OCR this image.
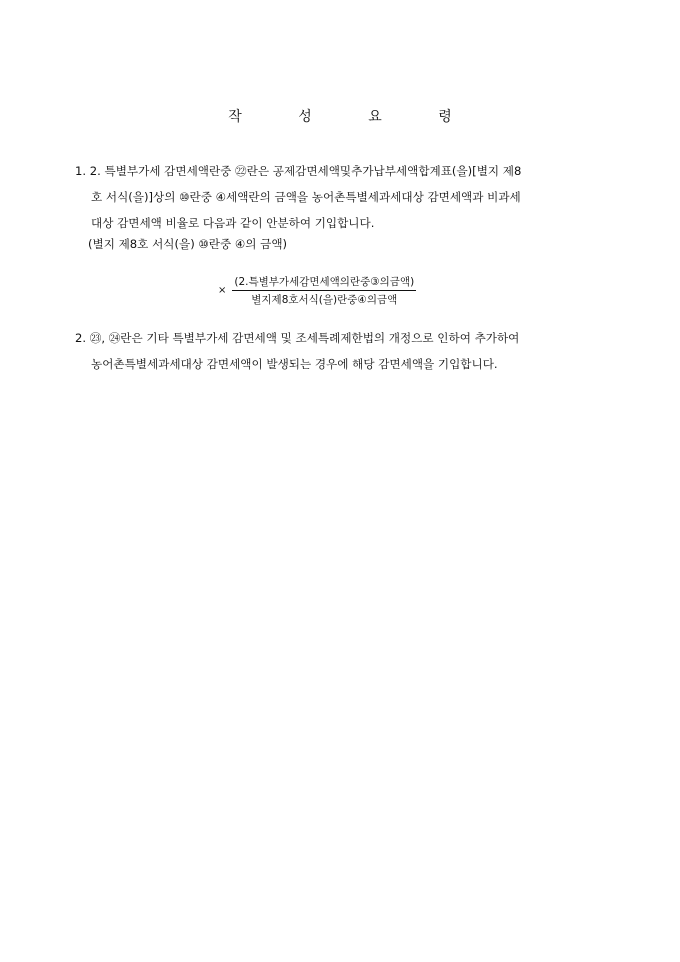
작 성 요 령
1. 2. 특별부가세 감면세액란중 ㉒란은 공제감면세액및추가납부세액합계표(을)[별지 제8
호 서식(을)]상의 ⑩란중 ④세액란의 금액을 농어촌특별세과세대상 감면세액과 비과세
대상 감면세액 비율로 다음과 같이 안분하여 기입합니다.
(별지 제8호 서식(을) ⑩란중 ④의 금액)
× $\frac{\text{(2.특별부가세감면세액의란중③의금액)}}{\text{별지제8호서식(을)란중④의금액}}$
2. ㉓, ㉔란은 기타 특별부가세 감면세액 및 조세특례제한법의 개정으로 인하여 추가하여
농어촌특별세과세대상 감면세액이 발생되는 경우에 해당 감면세액을 기입합니다.
